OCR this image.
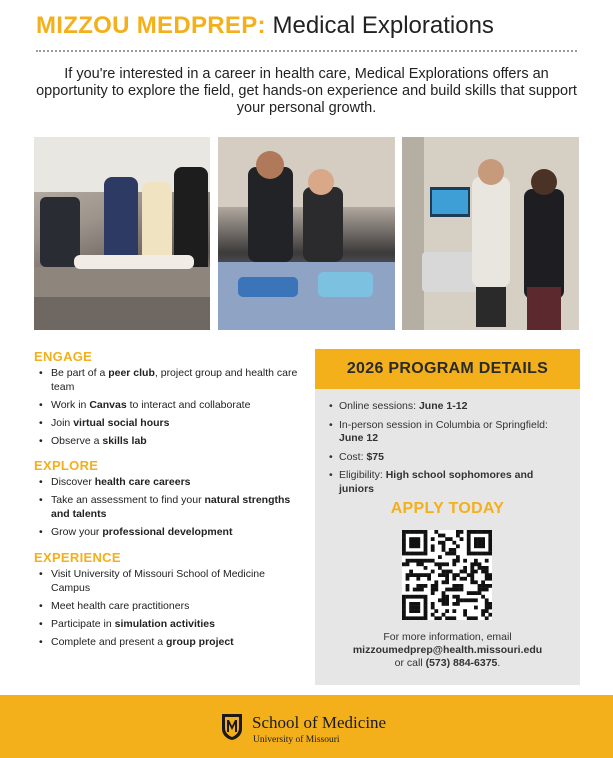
MIZZOU MEDPREP: Medical Explorations
If you're interested in a career in health care, Medical Explorations offers an opportunity to explore the field, get hands-on experience and build skills that support your personal growth.
ENGAGE
• Be part of a peer club, project group and health care team
• Work in Canvas to interact and collaborate
• Join virtual social hours
• Observe a skills lab
EXPLORE
• Discover health care careers
• Take an assessment to find your natural strengths and talents
• Grow your professional development
EXPERIENCE
• Visit University of Missouri School of Medicine Campus
• Meet health care practitioners
• Participate in simulation activities
• Complete and present a group project
2026 PROGRAM DETAILS
• Online sessions: June 1-12
• In-person session in Columbia or Springfield: June 12
• Cost: $75
• Eligibility: High school sophomores and juniors
APPLY TODAY
For more information, email
mizzoumedprep@health.missouri.edu
or call (573) 884-6375.
School of Medicine
University of Missouri
